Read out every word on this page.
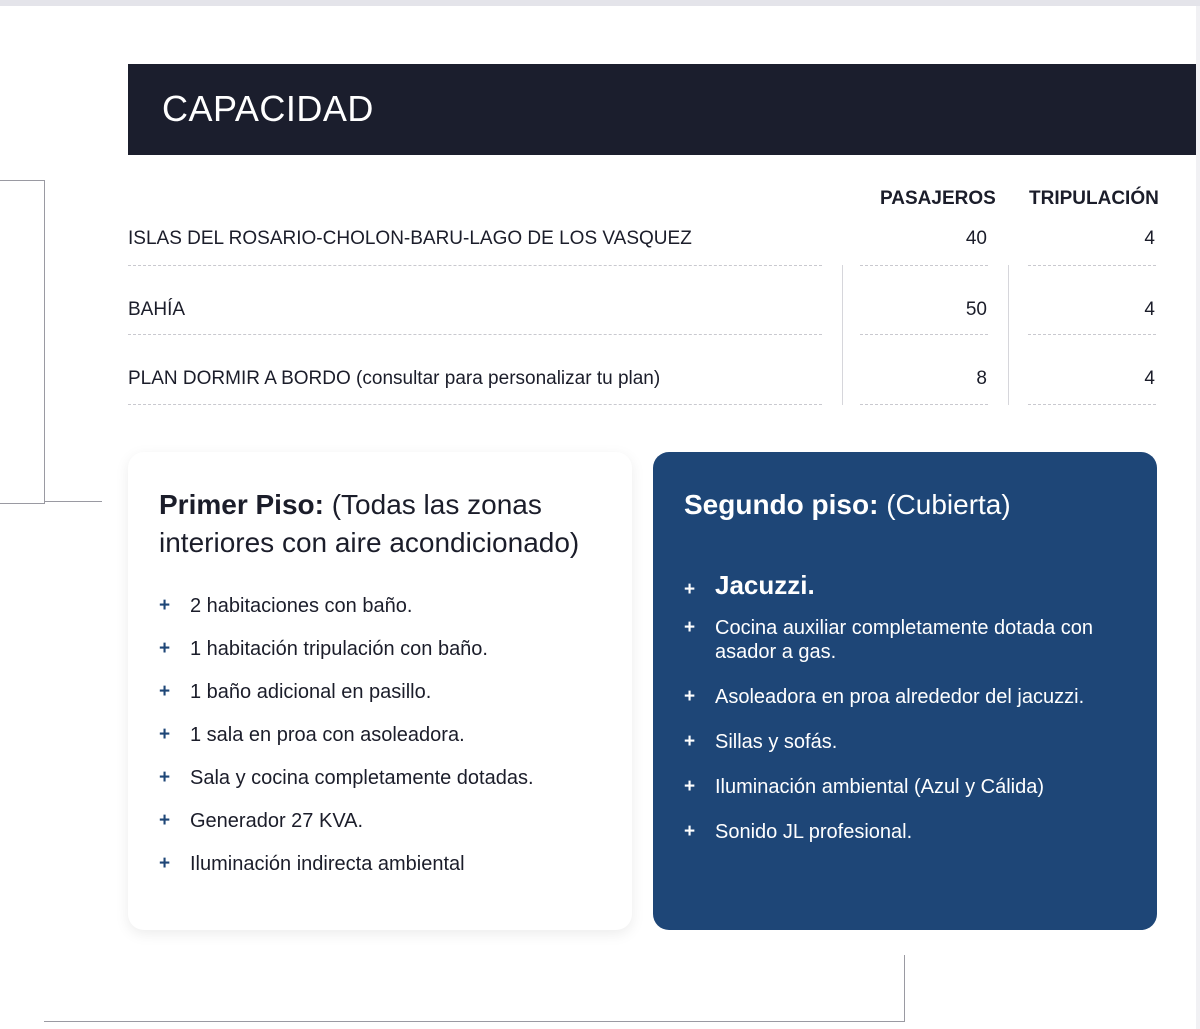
CAPACIDAD
PASAJEROS TRIPULACIÓN
ISLAS DEL ROSARIO-CHOLON-BARU-LAGO DE LOS VASQUEZ	40	4
BAHÍA	50	4
PLAN DORMIR A BORDO (consultar para personalizar tu plan)	8	4
Primer Piso: (Todas las zonas interiores con aire acondicionado)
+ 2 habitaciones con baño.
+ 1 habitación tripulación con baño.
+ 1 baño adicional en pasillo.
+ 1 sala en proa con asoleadora.
+ Sala y cocina completamente dotadas.
+ Generador 27 KVA.
+ Iluminación indirecta ambiental
Segundo piso: (Cubierta)
+ Jacuzzi.
+ Cocina auxiliar completamente dotada con asador a gas.
+ Asoleadora en proa alrededor del jacuzzi.
+ Sillas y sofás.
+ Iluminación ambiental (Azul y Cálida)
+ Sonido JL profesional.
